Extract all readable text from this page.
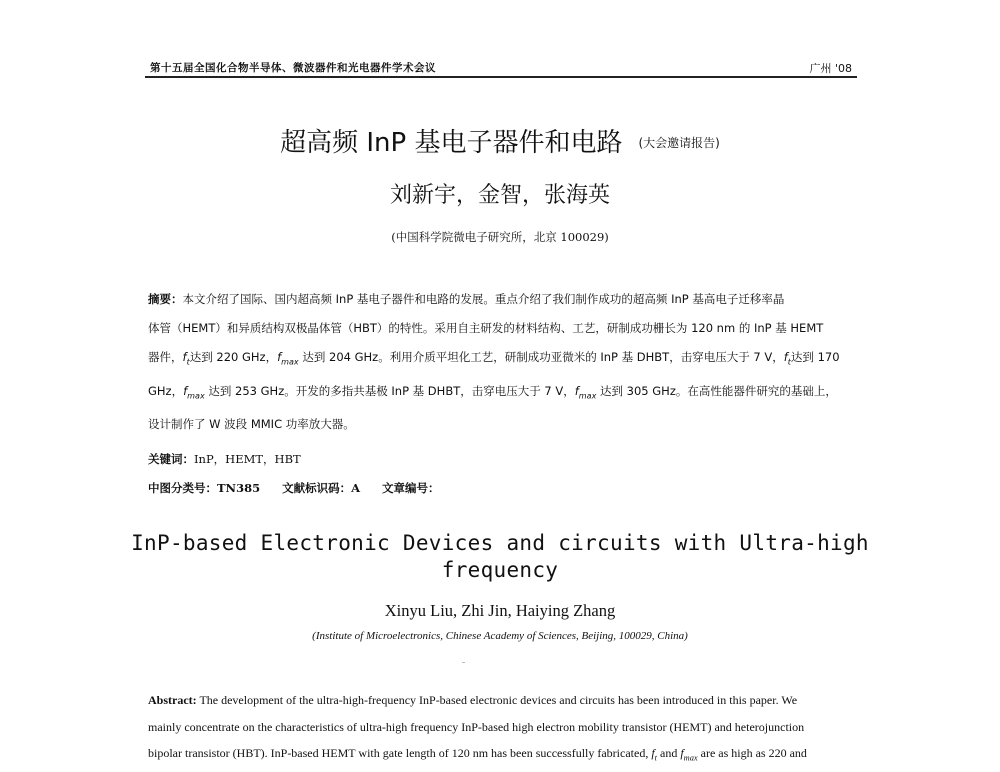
第十五届全国化合物半导体、微波器件和光电器件学术会议	广州 '08
超高频 InP 基电子器件和电路 (大会邀请报告)
刘新宇，金智，张海英
(中国科学院微电子研究所，北京 100029)
摘要：本文介绍了国际、国内超高频 InP 基电子器件和电路的发展。重点介绍了我们制作成功的超高频 InP 基高电子迁移率晶
体管（HEMT）和异质结构双极晶体管（HBT）的特性。采用自主研发的材料结构、工艺，研制成功栅长为 120 nm 的 InP 基 HEMT
器件，$f_t$达到 220 GHz，$f_{max}$ 达到 204 GHz。利用介质平坦化工艺，研制成功亚微米的 InP 基 DHBT，击穿电压大于 7 V，$f_t$达到 170
GHz，$f_{max}$ 达到 253 GHz。开发的多指共基极 InP 基 DHBT，击穿电压大于 7 V，$f_{max}$ 达到 305 GHz。在高性能器件研究的基础上，
设计制作了 W 波段 MMIC 功率放大器。
关键词：InP，HEMT，HBT
中图分类号：TN385 文献标识码：A 文章编号：
InP-based Electronic Devices and circuits with Ultra-high
frequency
Xinyu Liu, Zhi Jin, Haiying Zhang
(Institute of Microelectronics, Chinese Academy of Sciences, Beijing, 100029, China)
Abstract: The development of the ultra-high-frequency InP-based electronic devices and circuits has been introduced in this paper. We
mainly concentrate on the characteristics of ultra-high frequency InP-based high electron mobility transistor (HEMT) and heterojunction
bipolar transistor (HBT). InP-based HEMT with gate length of 120 nm has been successfully fabricated, $f_t$ and $f_{max}$ are as high as 220 and
